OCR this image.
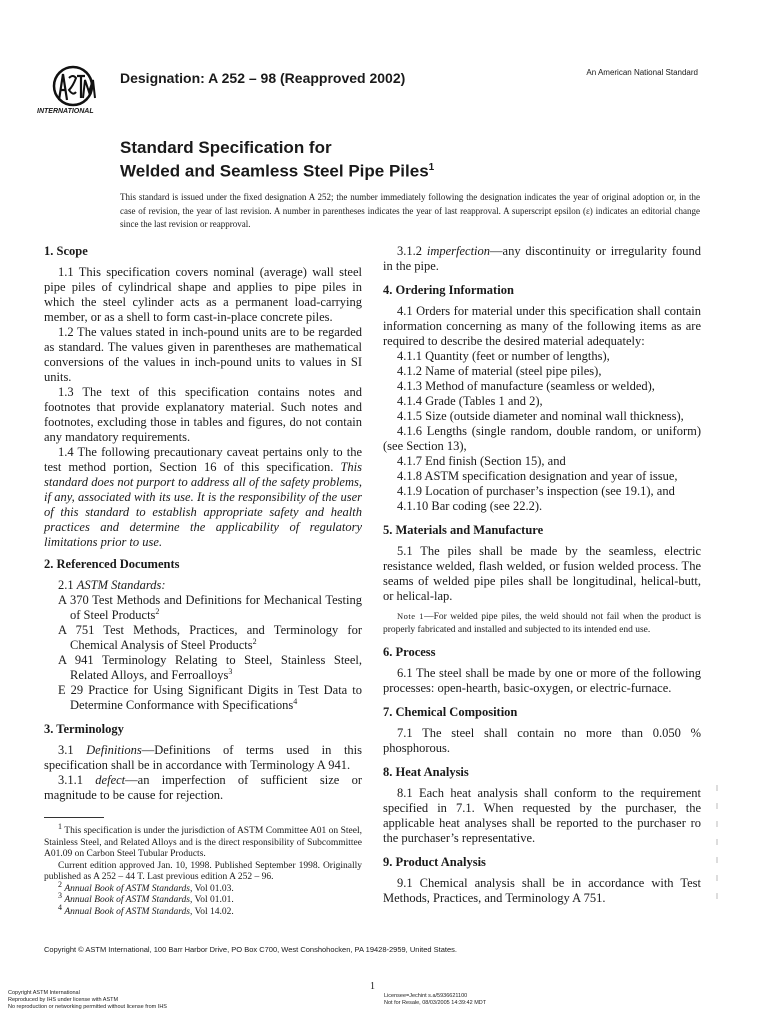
INTERNATIONAL
Designation: A 252 – 98 (Reapproved 2002)	An American National Standard
Standard Specification for
Welded and Seamless Steel Pipe Piles$^1$
This standard is issued under the fixed designation A 252; the number immediately following the designation indicates the year of original adoption or, in the case of revision, the year of last revision. A number in parentheses indicates the year of last reapproval. A superscript epsilon (ε) indicates an editorial change since the last revision or reapproval.
1. Scope

1.1 This specification covers nominal (average) wall steel pipe piles of cylindrical shape and applies to pipe piles in which the steel cylinder acts as a permanent load-carrying member, or as a shell to form cast-in-place concrete piles.

1.2 The values stated in inch-pound units are to be regarded as standard. The values given in parentheses are mathematical conversions of the values in inch-pound units to values in SI units.

1.3 The text of this specification contains notes and footnotes that provide explanatory material. Such notes and footnotes, excluding those in tables and figures, do not contain any mandatory requirements.

1.4 The following precautionary caveat pertains only to the test method portion, Section 16 of this specification. This standard does not purport to address all of the safety problems, if any, associated with its use. It is the responsibility of the user of this standard to establish appropriate safety and health practices and determine the applicability of regulatory limitations prior to use.

2. Referenced Documents

2.1 ASTM Standards:

A 370 Test Methods and Definitions for Mechanical Testing of Steel Products$^2$

A 751 Test Methods, Practices, and Terminology for Chemical Analysis of Steel Products$^2$

A 941 Terminology Relating to Steel, Stainless Steel, Related Alloys, and Ferroalloys$^3$

E 29 Practice for Using Significant Digits in Test Data to Determine Conformance with Specifications$^4$

3. Terminology

3.1 Definitions—Definitions of terms used in this specification shall be in accordance with Terminology A 941.

3.1.1 defect—an imperfection of sufficient size or magnitude to be cause for rejection.

$^1$ This specification is under the jurisdiction of ASTM Committee A01 on Steel, Stainless Steel, and Related Alloys and is the direct responsibility of Subcommittee A01.09 on Carbon Steel Tubular Products.

Current edition approved Jan. 10, 1998. Published September 1998. Originally published as A 252 – 44 T. Last previous edition A 252 – 96.

$^2$ Annual Book of ASTM Standards, Vol 01.03.

$^3$ Annual Book of ASTM Standards, Vol 01.01.

$^4$ Annual Book of ASTM Standards, Vol 14.02.

3.1.2 imperfection—any discontinuity or irregularity found in the pipe.

4. Ordering Information

4.1 Orders for material under this specification shall contain information concerning as many of the following items as are required to describe the desired material adequately:

4.1.1 Quantity (feet or number of lengths),

4.1.2 Name of material (steel pipe piles),

4.1.3 Method of manufacture (seamless or welded),

4.1.4 Grade (Tables 1 and 2),

4.1.5 Size (outside diameter and nominal wall thickness),

4.1.6 Lengths (single random, double random, or uniform) (see Section 13),

4.1.7 End finish (Section 15), and

4.1.8 ASTM specification designation and year of issue,

4.1.9 Location of purchaser’s inspection (see 19.1), and

4.1.10 Bar coding (see 22.2).

5. Materials and Manufacture

5.1 The piles shall be made by the seamless, electric resistance welded, flash welded, or fusion welded process. The seams of welded pipe piles shall be longitudinal, helical-butt, or helical-lap.

Note 1—For welded pipe piles, the weld should not fail when the product is properly fabricated and installed and subjected to its intended end use.

6. Process

6.1 The steel shall be made by one or more of the following processes: open-hearth, basic-oxygen, or electric-furnace.

7. Chemical Composition

7.1 The steel shall contain no more than 0.050 % phosphorous.

8. Heat Analysis

8.1 Each heat analysis shall conform to the requirement specified in 7.1. When requested by the purchaser, the applicable heat analyses shall be reported to the purchaser ro the purchaser’s representative.

9. Product Analysis

9.1 Chemical analysis shall be in accordance with Test Methods, Practices, and Terminology A 751.

Copyright © ASTM International, 100 Barr Harbor Drive, PO Box C700, West Conshohocken, PA 19428-2959, United States.
1
Copyright ASTM International
Reproduced by IHS under license with ASTM
No reproduction or networking permitted without license from IHS
Licensee=Jechint s.a/5936621100
Not for Resale, 08/03/2005 14:39:42 MDT
